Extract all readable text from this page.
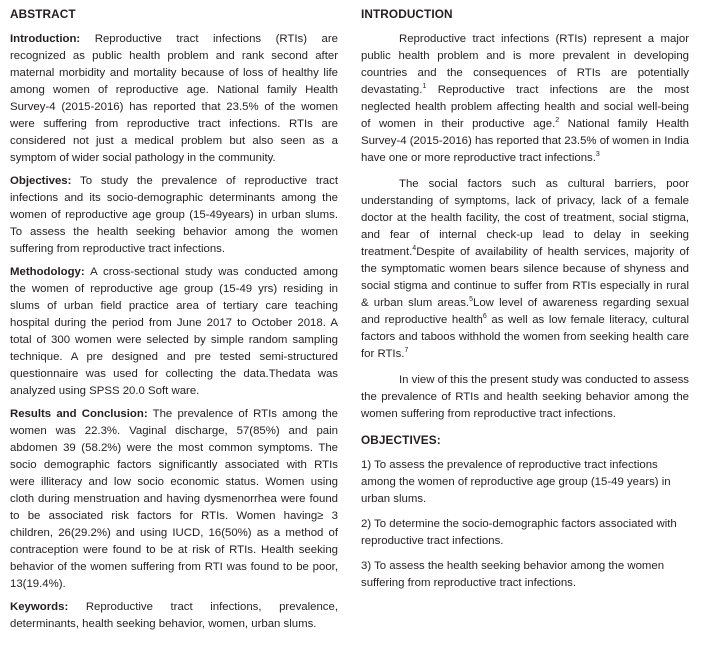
ABSTRACT

Introduction: Reproductive tract infections (RTIs) are recognized as public health problem and rank second after maternal morbidity and mortality because of loss of healthy life among women of reproductive age. National family Health Survey-4 (2015-2016) has reported that 23.5% of the women were suffering from reproductive tract infections. RTIs are considered not just a medical problem but also seen as a symptom of wider social pathology in the community.

Objectives: To study the prevalence of reproductive tract infections and its socio-demographic determinants among the women of reproductive age group (15-49years) in urban slums. To assess the health seeking behavior among the women suffering from reproductive tract infections.

Methodology: A cross-sectional study was conducted among the women of reproductive age group (15-49 yrs) residing in slums of urban field practice area of tertiary care teaching hospital during the period from June 2017 to October 2018. A total of 300 women were selected by simple random sampling technique. A pre designed and pre tested semi-structured questionnaire was used for collecting the data.Thedata was analyzed using SPSS 20.0 Soft ware.

Results and Conclusion: The prevalence of RTIs among the women was 22.3%. Vaginal discharge, 57(85%) and pain abdomen 39 (58.2%) were the most common symptoms. The socio demographic factors significantly associated with RTIs were illiteracy and low socio economic status. Women using cloth during menstruation and having dysmenorrhea were found to be associated risk factors for RTIs. Women having≥ 3 children, 26(29.2%) and using IUCD, 16(50%) as a method of contraception were found to be at risk of RTIs. Health seeking behavior of the women suffering from RTI was found to be poor, 13(19.4%).

Keywords: Reproductive tract infections, prevalence, determinants, health seeking behavior, women, urban slums.

INTRODUCTION

Reproductive tract infections (RTIs) represent a major public health problem and is more prevalent in developing countries and the consequences of RTIs are potentially devastating.$^1$ Reproductive tract infections are the most neglected health problem affecting health and social well-being of women in their productive age.$^2$ National family Health Survey-4 (2015-2016) has reported that 23.5% of women in India have one or more reproductive tract infections.$^3$

The social factors such as cultural barriers, poor understanding of symptoms, lack of privacy, lack of a female doctor at the health facility, the cost of treatment, social stigma, and fear of internal check-up lead to delay in seeking treatment.$^4$Despite of availability of health services, majority of the symptomatic women bears silence because of shyness and social stigma and continue to suffer from RTIs especially in rural & urban slum areas.$^5$Low level of awareness regarding sexual and reproductive health$^6$ as well as low female literacy, cultural factors and taboos withhold the women from seeking health care for RTIs.$^7$

In view of this the present study was conducted to assess the prevalence of RTIs and health seeking behavior among the women suffering from reproductive tract infections.

OBJECTIVES:

1) To assess the prevalence of reproductive tract infections among the women of reproductive age group (15-49 years) in urban slums.

2) To determine the socio-demographic factors associated with reproductive tract infections.

3) To assess the health seeking behavior among the women suffering from reproductive tract infections.
